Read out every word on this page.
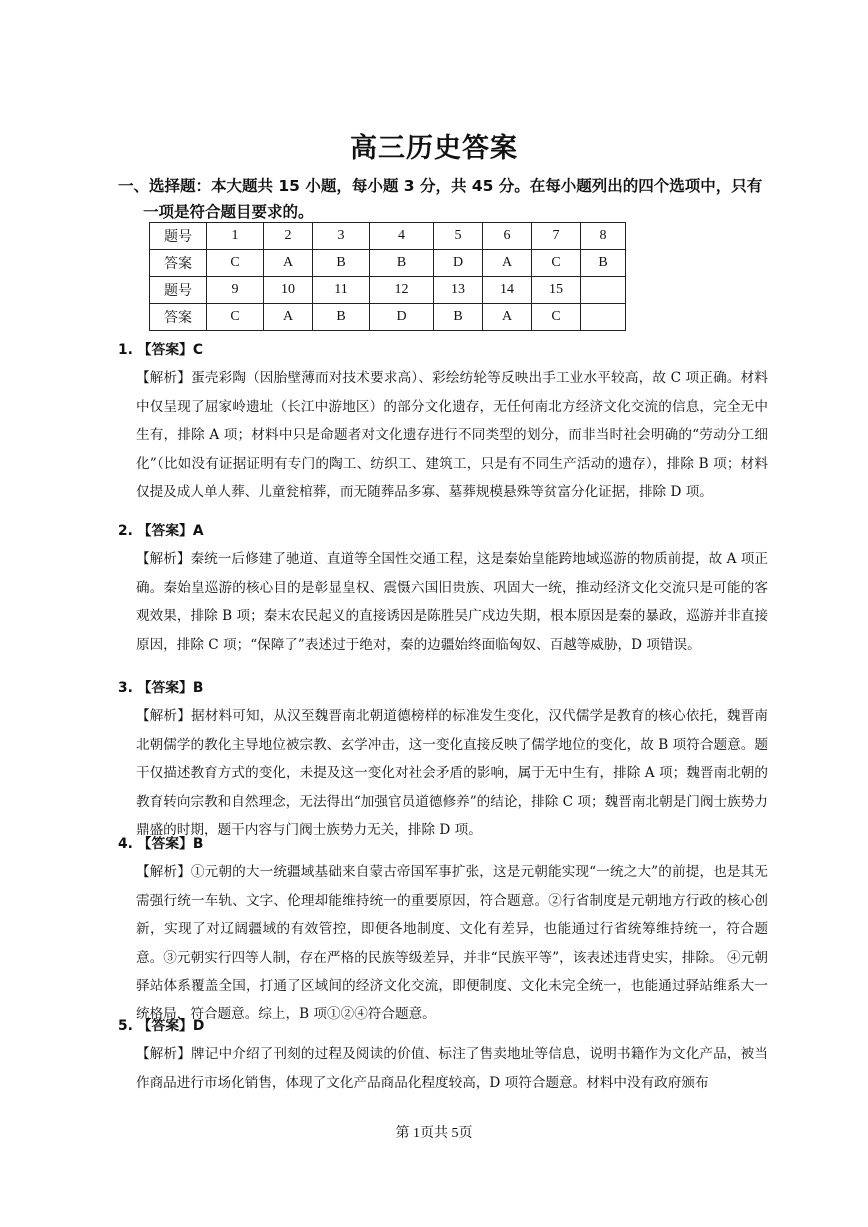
高三历史答案
一、选择题：本大题共 15 小题，每小题 3 分，共 45 分。在每小题列出的四个选项中，只有
一项是符合题目要求的。
题号	1	2	3	4	5	6	7	8
答案	C	A	B	B	D	A	C	B
题号	9	10	11	12	13	14	15	
答案	C	A	B	D	B	A	C	
1. 【答案】C
【解析】蛋壳彩陶（因胎壁薄而对技术要求高）、彩绘纺轮等反映出手工业水平较高，故 C 项正确。材料中仅呈现了屈家岭遗址（长江中游地区）的部分文化遗存，无任何南北方经济文化交流的信息，完全无中生有，排除 A 项；材料中只是命题者对文化遗存进行不同类型的划分，而非当时社会明确的“劳动分工细化”（比如没有证据证明有专门的陶工、纺织工、建筑工，只是有不同生产活动的遗存），排除 B 项；材料仅提及成人单人葬、儿童瓮棺葬，而无随葬品多寡、墓葬规模悬殊等贫富分化证据，排除 D 项。
2. 【答案】A
【解析】秦统一后修建了驰道、直道等全国性交通工程，这是秦始皇能跨地域巡游的物质前提，故 A 项正确。秦始皇巡游的核心目的是彰显皇权、震慑六国旧贵族、巩固大一统，推动经济文化交流只是可能的客观效果，排除 B 项；秦末农民起义的直接诱因是陈胜吴广戍边失期，根本原因是秦的暴政，巡游并非直接原因，排除 C 项；“保障了”表述过于绝对，秦的边疆始终面临匈奴、百越等威胁，D 项错误。
3. 【答案】B
【解析】据材料可知，从汉至魏晋南北朝道德榜样的标准发生变化，汉代儒学是教育的核心依托，魏晋南北朝儒学的教化主导地位被宗教、玄学冲击，这一变化直接反映了儒学地位的变化，故 B 项符合题意。题干仅描述教育方式的变化，未提及这一变化对社会矛盾的影响，属于无中生有，排除 A 项；魏晋南北朝的教育转向宗教和自然理念，无法得出“加强官员道德修养”的结论，排除 C 项；魏晋南北朝是门阀士族势力鼎盛的时期，题干内容与门阀士族势力无关，排除 D 项。
4. 【答案】B
【解析】①元朝的大一统疆域基础来自蒙古帝国军事扩张，这是元朝能实现“一统之大”的前提，也是其无需强行统一车轨、文字、伦理却能维持统一的重要原因，符合题意。②行省制度是元朝地方行政的核心创新，实现了对辽阔疆域的有效管控，即便各地制度、文化有差异，也能通过行省统筹维持统一，符合题意。③元朝实行四等人制，存在严格的民族等级差异，并非“民族平等”，该表述违背史实，排除。 ④元朝驿站体系覆盖全国，打通了区域间的经济文化交流，即便制度、文化未完全统一，也能通过驿站维系大一统格局，符合题意。综上，B 项①②④符合题意。
5. 【答案】D
【解析】牌记中介绍了刊刻的过程及阅读的价值、标注了售卖地址等信息，说明书籍作为文化产品，被当作商品进行市场化销售，体现了文化产品商品化程度较高，D 项符合题意。材料中没有政府颁布
第 1页共 5页
